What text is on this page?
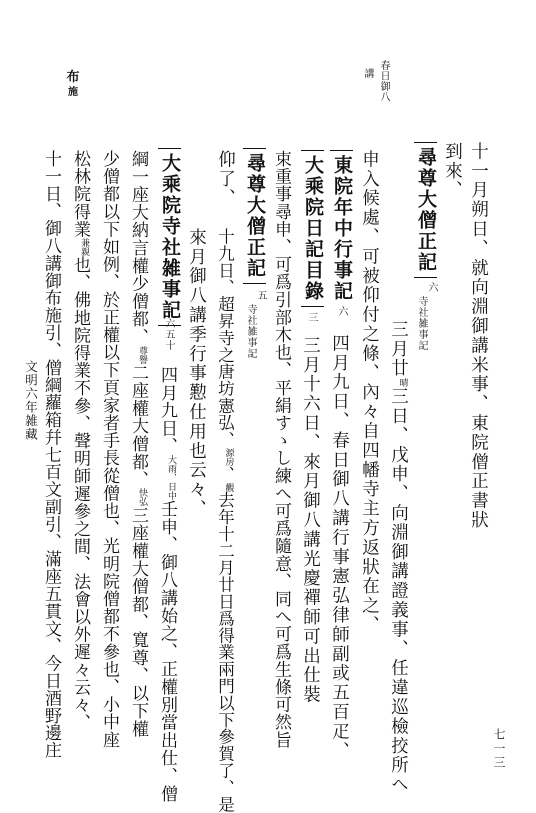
文明六年雑藏
七一三
布
施	春日御八
講
十一月朔日、就向淵御講米事、東院僧正書狀
到來、
尋尊大僧正記
六
寺社雑事記
三月廿晴三日、戊申、向淵御講證義事、任違巡檢挍所へ
申入候處、可被仰付之條、內々自四幡寺主方返狀在之、
東院年中行事記
六
四月九日、春日御八講行事憲弘律師副或五百疋、
大乘院日記目錄
三
三月十六日、來月御八講光慶禪師可出仕裝
束重事尋申、可爲引部木也、平絹すゝし練へ可爲隨意、同へ可爲生條可然旨
尋尊大僧正記
五
寺社雑事記
仰了、
十九日、超昇寺之唐坊憲弘、源房、觀去年十二月廿日爲得業兩門以下參賀了、是
來月御八講季行事懃仕用也云々、
大乘院寺社雑事記
六五十
四月九日、大雨、日中壬申、御八講始之、正權別當出仕、僧
綱一座大納言權少僧都、尊譽二座權大僧都、快弘三座權大僧都、寬尊、以下權
少僧都以下如例、於正權以下頁家者手長從僧也、光明院僧都不參也、小中座
松林院得業兼親也、佛地院得業不參、聲明師遲參之間、法會以外遲々云々、
十一日、御八講御布施引、僧綱蘿箱幷七百文副引、滿座五貫文、今日酒野邊庄
